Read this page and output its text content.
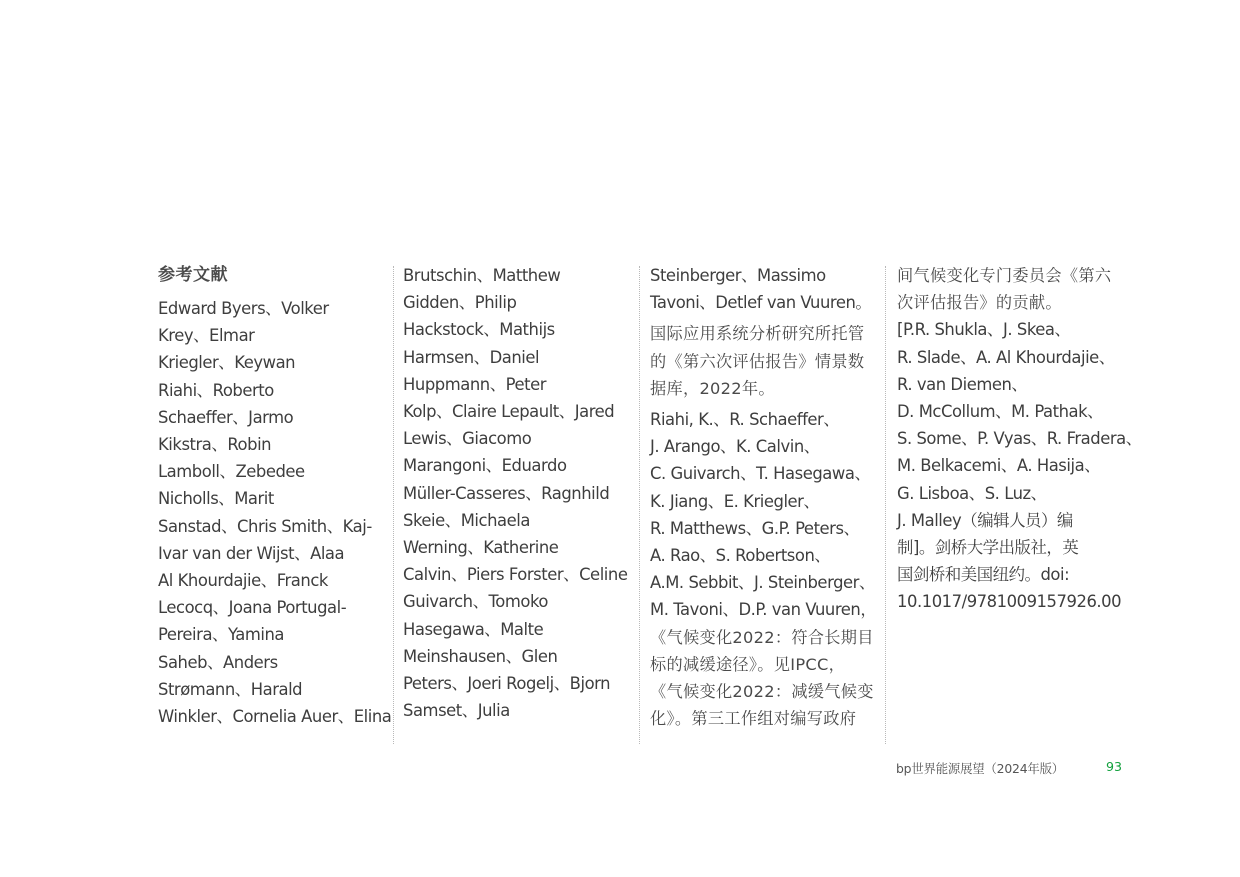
参考文献
Edward Byers、Volker
Krey、Elmar
Kriegler、Keywan
Riahi、Roberto
Schaeffer、Jarmo
Kikstra、Robin
Lamboll、Zebedee
Nicholls、Marit
Sanstad、Chris Smith、Kaj-
Ivar van der Wijst、Alaa
Al Khourdajie、Franck
Lecocq、Joana Portugal-
Pereira、Yamina
Saheb、Anders
Strømann、Harald
Winkler、Cornelia Auer、Elina
Brutschin、Matthew
Gidden、Philip
Hackstock、Mathijs
Harmsen、Daniel
Huppmann、Peter
Kolp、Claire Lepault、Jared
Lewis、Giacomo
Marangoni、Eduardo
Müller-Casseres、Ragnhild
Skeie、Michaela
Werning、Katherine
Calvin、Piers Forster、Celine
Guivarch、Tomoko
Hasegawa、Malte
Meinshausen、Glen
Peters、Joeri Rogelj、Bjorn
Samset、Julia
Steinberger、Massimo
Tavoni、Detlef van Vuuren。
国际应用系统分析研究所托管
的《第六次评估报告》情景数
据库，2022年。
Riahi, K.、R. Schaeffer、
J. Arango、K. Calvin、
C. Guivarch、T. Hasegawa、
K. Jiang、E. Kriegler、
R. Matthews、G.P. Peters、
A. Rao、S. Robertson、
A.M. Sebbit、J. Steinberger、
M. Tavoni、D.P. van Vuuren，
《气候变化2022：符合长期目
标的减缓途径》。见IPCC，
《气候变化2022：减缓气候变
化》。第三工作组对编写政府
间气候变化专门委员会《第六
次评估报告》的贡献。
[P.R. Shukla、J. Skea、
R. Slade、A. Al Khourdajie、
R. van Diemen、
D. McCollum、M. Pathak、
S. Some、P. Vyas、R. Fradera、
M. Belkacemi、A. Hasija、
G. Lisboa、S. Luz、
J. Malley（编辑人员）编
制]。剑桥大学出版社，英
国剑桥和美国纽约。doi:
10.1017/9781009157926.00
bp世界能源展望（2024年版）	93
